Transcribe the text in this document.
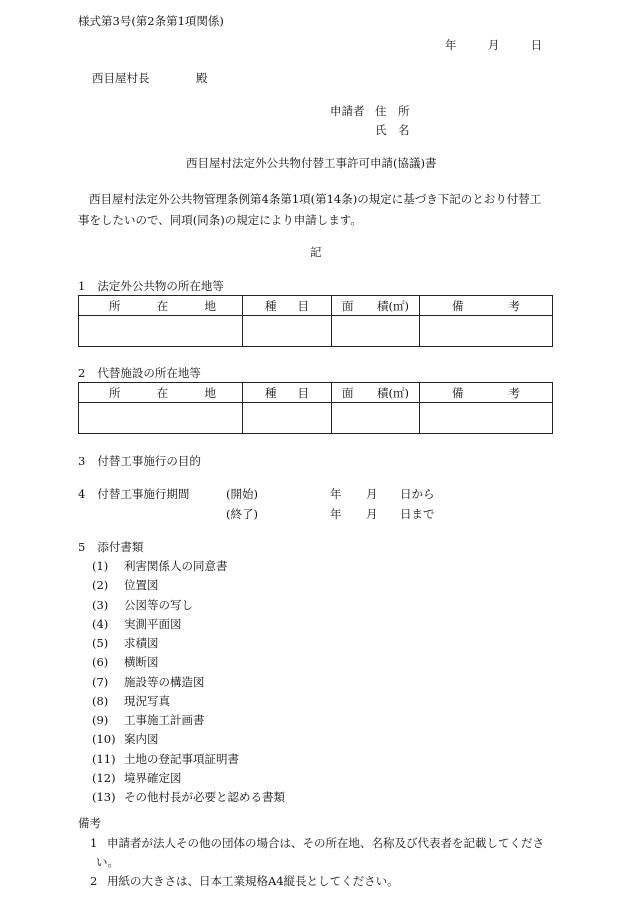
様式第3号(第2条第1項関係)
年	月	日
西目屋村長	殿
申請者 住　所
氏　名
西目屋村法定外公共物付替工事許可申請(協議)書
西目屋村法定外公共物管理条例第4条第1項(第14条)の規定に基づき下記のとおり付替工
事をしたいので、同項(同条)の規定により申請します。
記
1 法定外公共物の所在地等
所 在 地	種 目	面 積(㎡)	備 考

2 代替施設の所在地等
所 在 地	種 目	面 積(㎡)	備 考

3 付替工事施行の目的
4 付替工事施行期間	(開始)	年 月 日から
(終了)	年 月 日まで
5 添付書類
(1) 利害関係人の同意書
(2) 位置図
(3) 公図等の写し
(4) 実測平面図
(5) 求積図
(6) 横断図
(7) 施設等の構造図
(8) 現況写真
(9) 工事施工計画書
(10) 案内図
(11) 土地の登記事項証明書
(12) 境界確定図
(13) その他村長が必要と認める書類
備考
1 申請者が法人その他の団体の場合は、その所在地、名称及び代表者を記載してくださ
い。
2 用紙の大きさは、日本工業規格A4縦長としてください。
